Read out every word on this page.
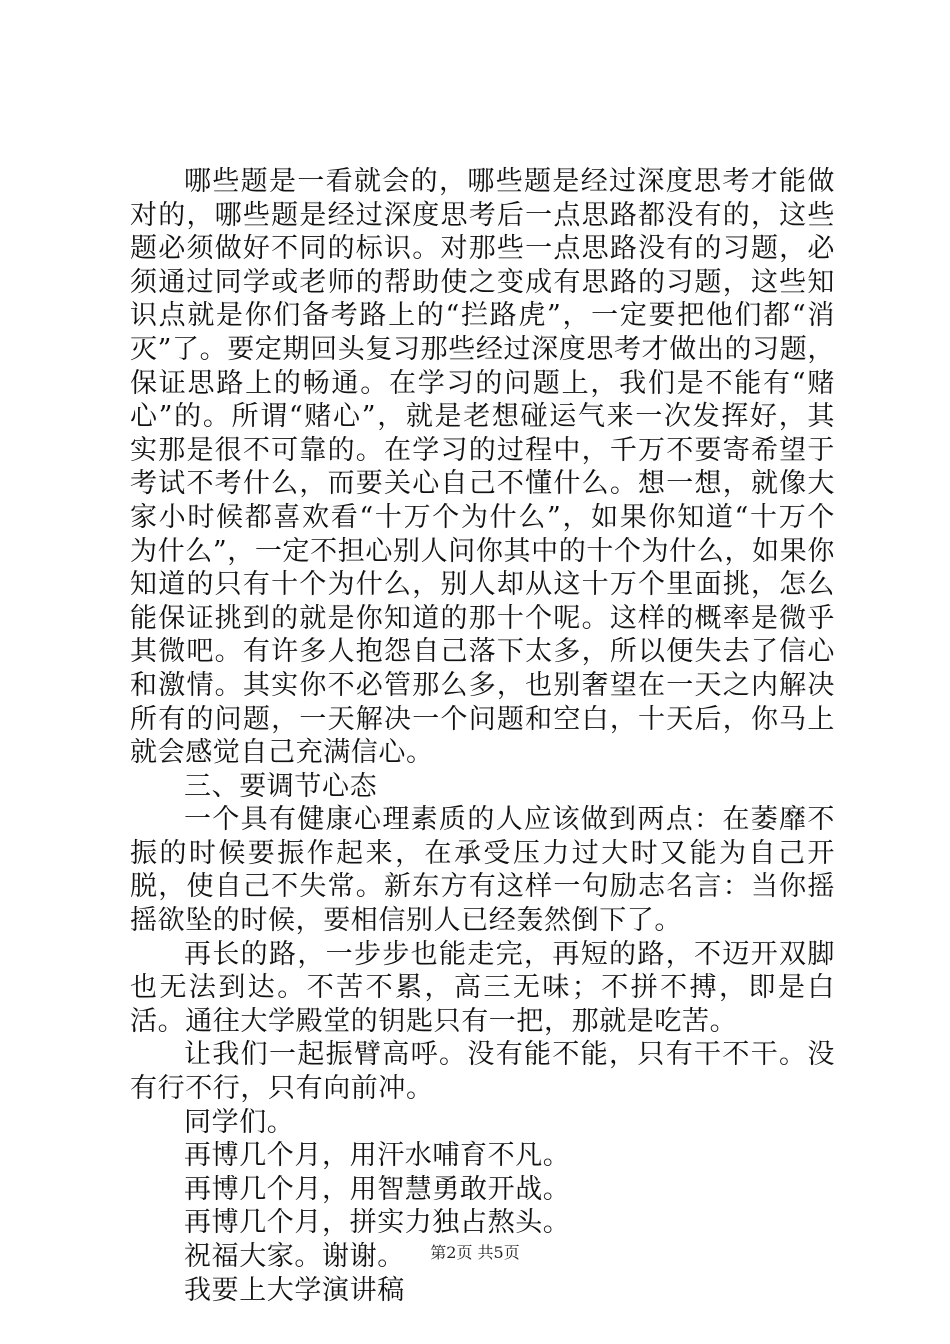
哪些题是一看就会的，哪些题是经过深度思考才能做对的，哪些题是经过深度思考后一点思路都没有的，这些题必须做好不同的标识。对那些一点思路没有的习题，必须通过同学或老师的帮助使之变成有思路的习题，这些知识点就是你们备考路上的“拦路虎”，一定要把他们都“消灭”了。要定期回头复习那些经过深度思考才做出的习题，保证思路上的畅通。在学习的问题上，我们是不能有“赌心”的。所谓“赌心”，就是老想碰运气来一次发挥好，其实那是很不可靠的。在学习的过程中，千万不要寄希望于考试不考什么，而要关心自己不懂什么。想一想，就像大家小时候都喜欢看“十万个为什么”，如果你知道“十万个为什么”，一定不担心别人问你其中的十个为什么，如果你知道的只有十个为什么，别人却从这十万个里面挑，怎么能保证挑到的就是你知道的那十个呢。这样的概率是微乎其微吧。有许多人抱怨自己落下太多，所以便失去了信心和激情。其实你不必管那么多，也别奢望在一天之内解决所有的问题，一天解决一个问题和空白，十天后，你马上就会感觉自己充满信心。

三、要调节心态

一个具有健康心理素质的人应该做到两点：在萎靡不振的时候要振作起来，在承受压力过大时又能为自己开脱，使自己不失常。新东方有这样一句励志名言：当你摇摇欲坠的时候，要相信别人已经轰然倒下了。

再长的路，一步步也能走完，再短的路，不迈开双脚也无法到达。不苦不累，高三无味；不拼不搏，即是白活。通往大学殿堂的钥匙只有一把，那就是吃苦。

让我们一起振臂高呼。没有能不能，只有干不干。没有行不行，只有向前冲。

同学们。

再博几个月，用汗水哺育不凡。

再博几个月，用智慧勇敢开战。

再博几个月，拼实力独占熬头。

祝福大家。谢谢。

我要上大学演讲稿

第2页 共5页
